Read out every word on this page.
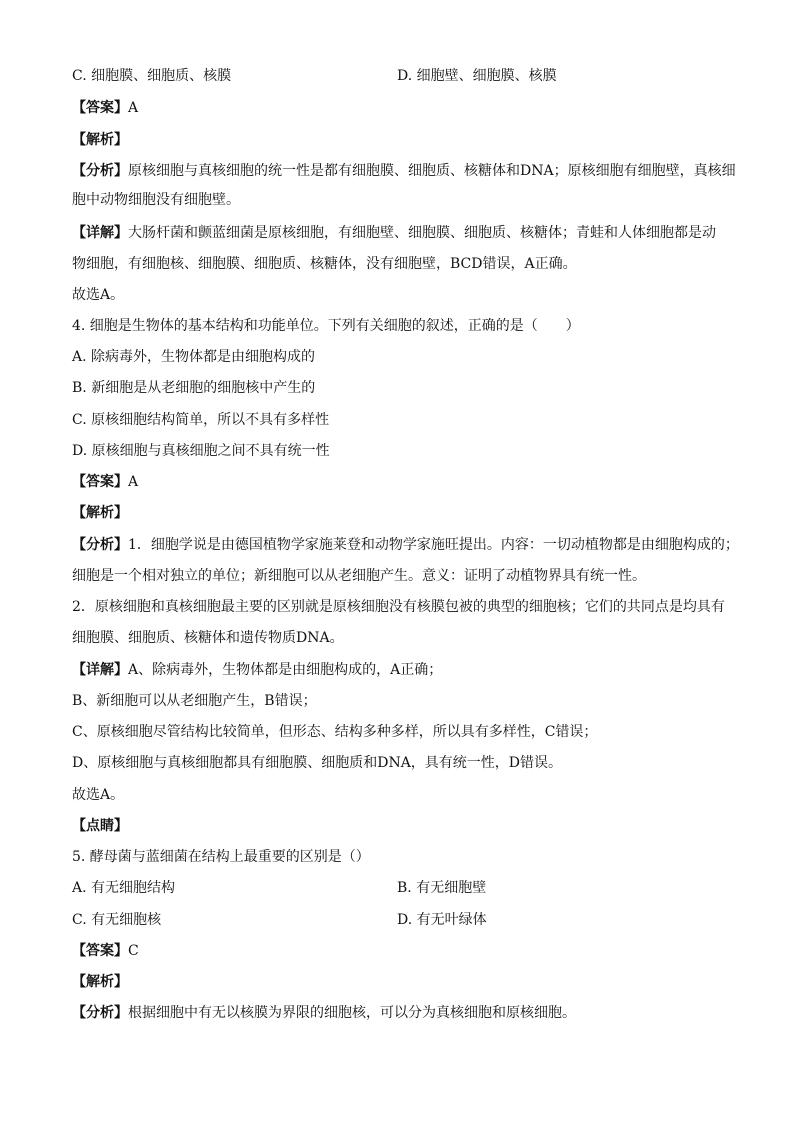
C. 细胞膜、细胞质、核膜	D. 细胞壁、细胞膜、核膜
【答案】A
【解析】
【分析】原核细胞与真核细胞的统一性是都有细胞膜、细胞质、核糖体和DNA；原核细胞有细胞壁，真核细
胞中动物细胞没有细胞壁。
【详解】大肠杆菌和颤蓝细菌是原核细胞，有细胞壁、细胞膜、细胞质、核糖体；青蛙和人体细胞都是动
物细胞，有细胞核、细胞膜、细胞质、核糖体，没有细胞壁，BCD错误，A正确。
故选A。
4. 细胞是生物体的基本结构和功能单位。下列有关细胞的叙述，正确的是（　　）
A. 除病毒外，生物体都是由细胞构成的
B. 新细胞是从老细胞的细胞核中产生的
C. 原核细胞结构简单，所以不具有多样性
D. 原核细胞与真核细胞之间不具有统一性
【答案】A
【解析】
【分析】1．细胞学说是由德国植物学家施莱登和动物学家施旺提出。内容：一切动植物都是由细胞构成的；
细胞是一个相对独立的单位；新细胞可以从老细胞产生。意义：证明了动植物界具有统一性。
2．原核细胞和真核细胞最主要的区别就是原核细胞没有核膜包被的典型的细胞核；它们的共同点是均具有
细胞膜、细胞质、核糖体和遗传物质DNA。
【详解】A、除病毒外，生物体都是由细胞构成的，A正确；
B、新细胞可以从老细胞产生，B错误；
C、原核细胞尽管结构比较简单，但形态、结构多种多样，所以具有多样性，C错误；
D、原核细胞与真核细胞都具有细胞膜、细胞质和DNA，具有统一性，D错误。
故选A。
【点睛】
5. 酵母菌与蓝细菌在结构上最重要的区别是（）
A. 有无细胞结构	B. 有无细胞壁
C. 有无细胞核	D. 有无叶绿体
【答案】C
【解析】
【分析】根据细胞中有无以核膜为界限的细胞核，可以分为真核细胞和原核细胞。
